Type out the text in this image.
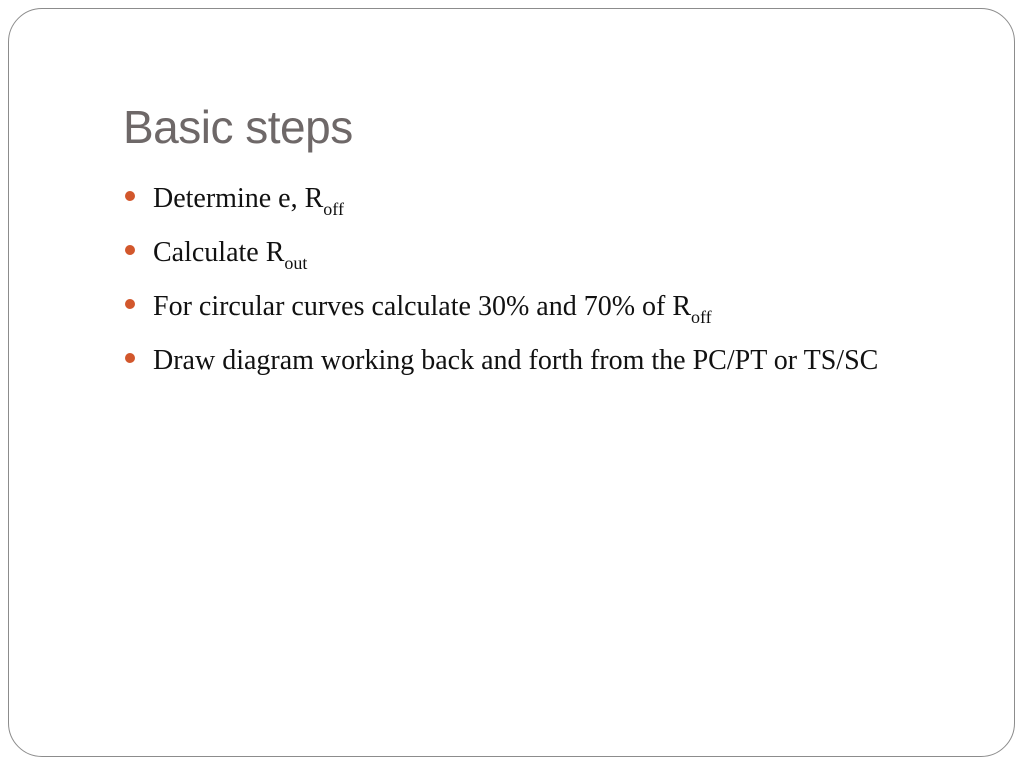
Basic steps
Determine e, $R_{off}$
Calculate $R_{out}$
For circular curves calculate 30% and 70% of $R_{off}$
Draw diagram working back and forth from the PC/PT or TS/SC
